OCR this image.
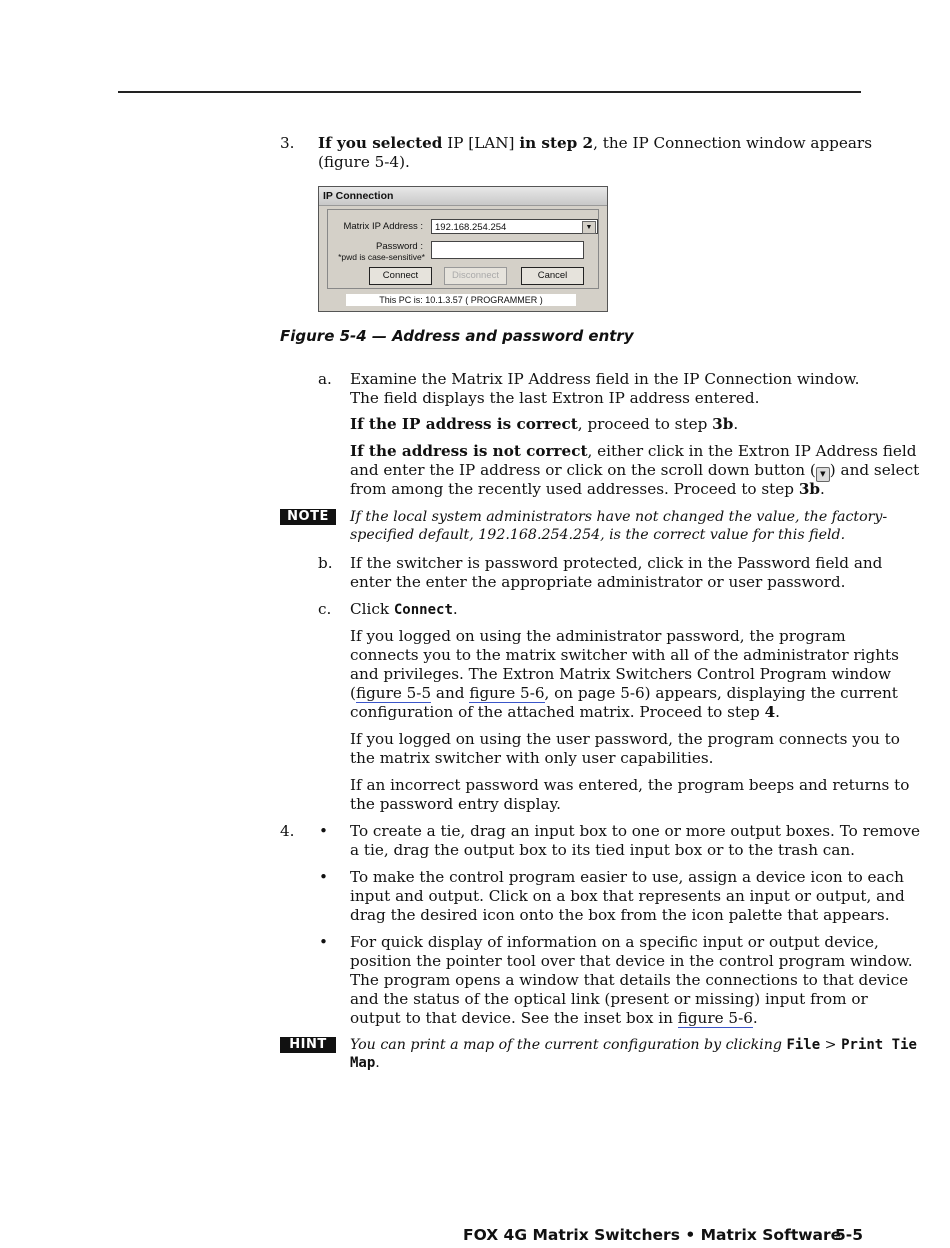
3. If you selected IP [LAN] in step 2, the IP Connection window appears
(figure 5-4).
IP Connection
Matrix IP Address :	192.168.254.254	▼
Password :
*pwd is case-sensitive*
Connect	Disconnect	Cancel
This PC is: 10.1.3.57 ( PROGRAMMER )
Figure 5-4 — Address and password entry
a. Examine the Matrix IP Address field in the IP Connection window.
The field displays the last Extron IP address entered.
If the IP address is correct, proceed to step 3b.
If the address is not correct, either click in the Extron IP Address field
and enter the IP address or click on the scroll down button ( ▼ ) and select
from among the recently used addresses. Proceed to step 3b.
NOTE	If the local system administrators have not changed the value, the factory-
specified default, 192.168.254.254, is the correct value for this field.
b. If the switcher is password protected, click in the Password field and
enter the enter the appropriate administrator or user password.
c. Click Connect.
If you logged on using the administrator password, the program
connects you to the matrix switcher with all of the administrator rights
and privileges. The Extron Matrix Switchers Control Program window
(figure 5-5 and figure 5-6, on page 5-6) appears, displaying the current
configuration of the attached matrix. Proceed to step 4.
If you logged on using the user password, the program connects you to
the matrix switcher with only user capabilities.
If an incorrect password was entered, the program beeps and returns to
the password entry display.
4. • To create a tie, drag an input box to one or more output boxes. To remove
a tie, drag the output box to its tied input box or to the trash can.
• To make the control program easier to use, assign a device icon to each
input and output. Click on a box that represents an input or output, and
drag the desired icon onto the box from the icon palette that appears.
• For quick display of information on a specific input or output device,
position the pointer tool over that device in the control program window.
The program opens a window that details the connections to that device
and the status of the optical link (present or missing) input from or
output to that device. See the inset box in figure 5-6.
HINT	You can print a map of the current configuration by clicking File > Print Tie
Map.
FOX 4G Matrix Switchers • Matrix Software
5-5
